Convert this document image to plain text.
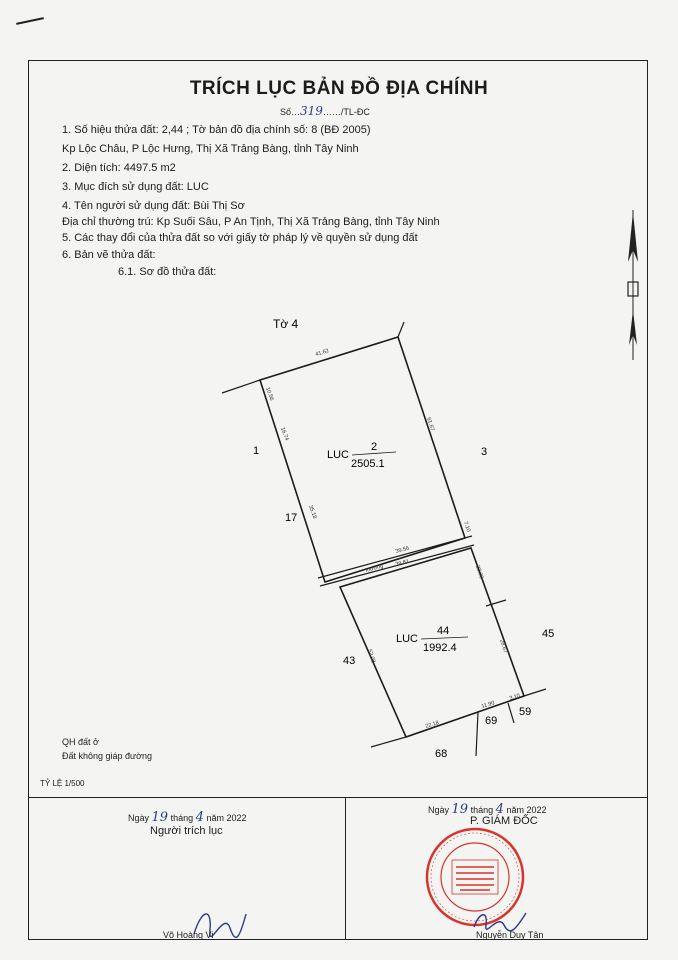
TRÍCH LỤC BẢN ĐỒ ĐỊA CHÍNH
Số…319……/TL-ĐC
1. Số hiệu thửa đất: 2,44 ; Tờ bản đồ địa chính số: 8 (BĐ 2005)
Kp Lộc Châu, P Lộc Hưng, Thị Xã Trảng Bàng, tỉnh Tây Ninh
2. Diện tích: 4497.5 m2
3. Mục đích sử dụng đất: LUC
4. Tên người sử dụng đất: Bùi Thị Sơ
Địa chỉ thường trú: Kp Suối Sâu, P An Tịnh, Thị Xã Trảng Bàng, tỉnh Tây Ninh
5. Các thay đổi của thửa đất so với giấy tờ pháp lý về quyền sử dụng đất
6. Bản vẽ thửa đất:
6.1. Sơ đồ thửa đất:
Tờ 4
LUC
2
2505.1
LUC
44
1992.4
1	3
17
43
45
68
69
59
41.62
10.56
16.74
35.18
61.67
7.10
23.00
28.67
39.56
mương
39.81
52.08
22.18
11.90
3.10
QH đất ở
Đất không giáp đường
TỶ LỆ 1/500
Ngày 19 tháng 4 năm 2022
Người trích lục
Võ Hoàng Vi
Ngày 19 tháng 4 năm 2022
P. GIÁM ĐỐC
Nguyễn Duy Tân
